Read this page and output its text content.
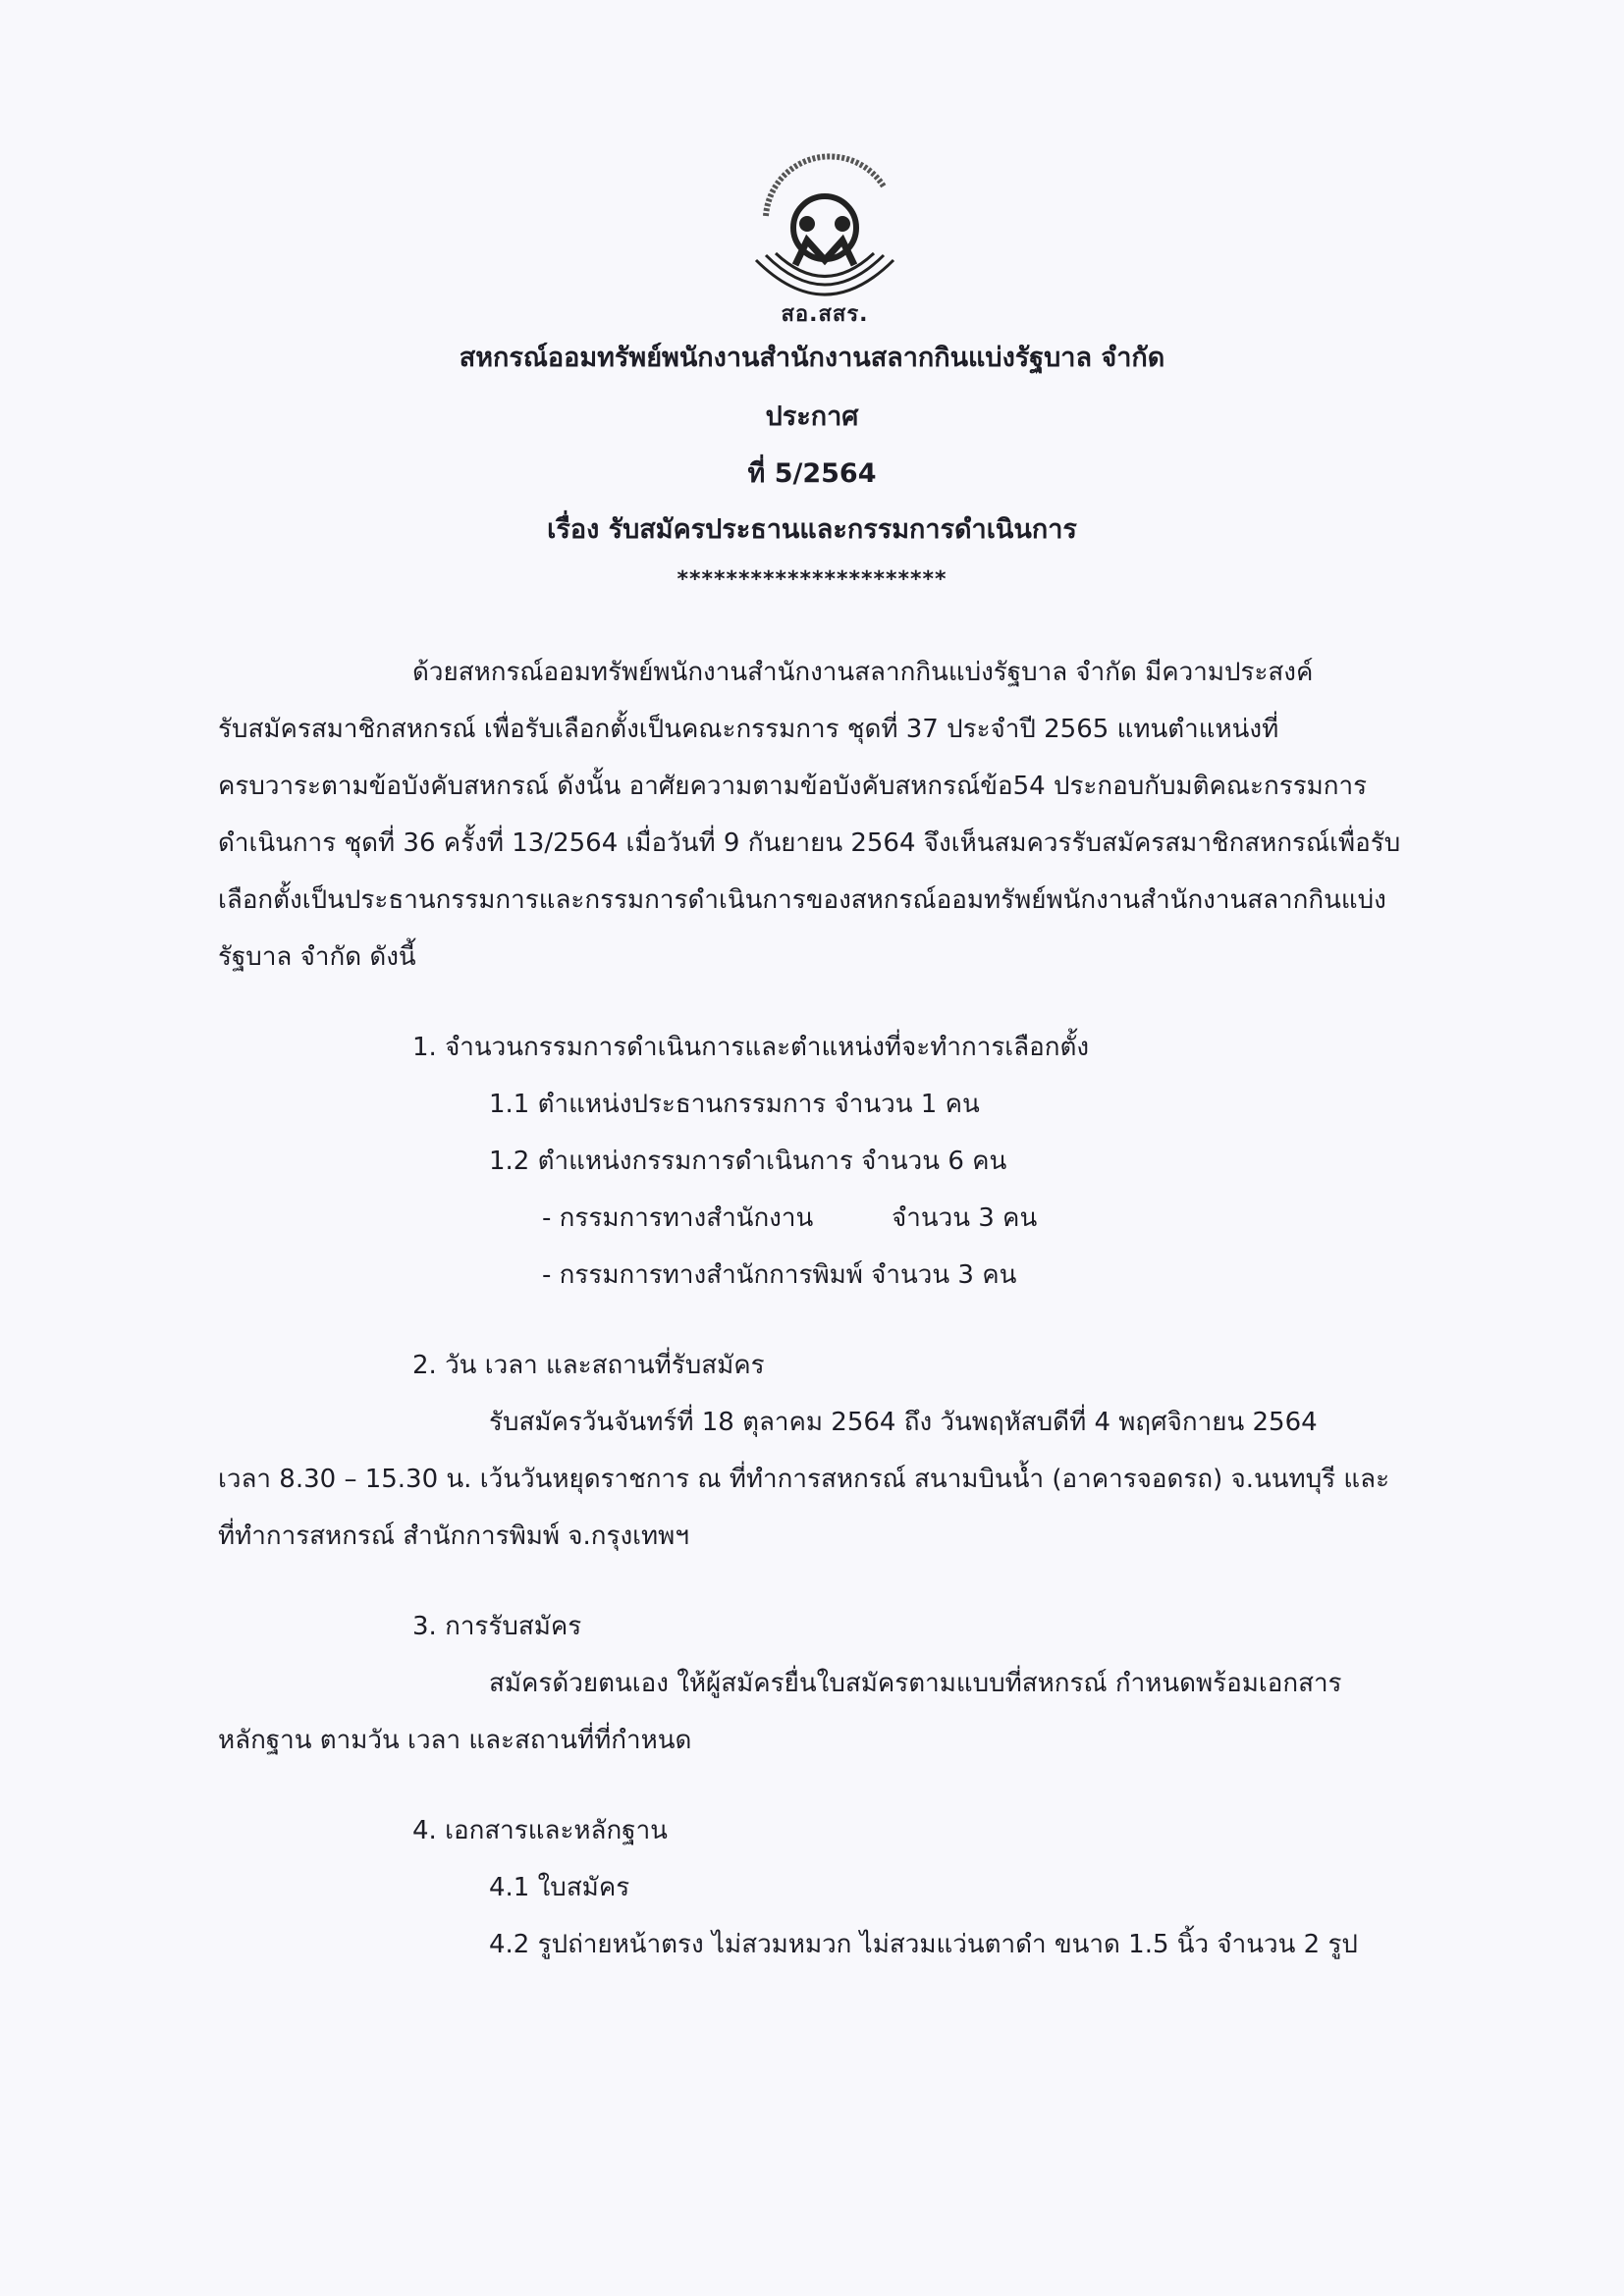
สอ.สสร.
สหกรณ์ออมทรัพย์พนักงานสำนักงานสลากกินแบ่งรัฐบาล จำกัด
ประกาศ
ที่ 5/2564
เรื่อง รับสมัครประธานและกรรมการดำเนินการ
**********************
ด้วยสหกรณ์ออมทรัพย์พนักงานสำนักงานสลากกินแบ่งรัฐบาล จำกัด มีความประสงค์
รับสมัครสมาชิกสหกรณ์ เพื่อรับเลือกตั้งเป็นคณะกรรมการ ชุดที่ 37 ประจำปี 2565 แทนตำแหน่งที่
ครบวาระตามข้อบังคับสหกรณ์ ดังนั้น อาศัยความตามข้อบังคับสหกรณ์ข้อ54 ประกอบกับมติคณะกรรมการ
ดำเนินการ ชุดที่ 36 ครั้งที่ 13/2564 เมื่อวันที่ 9 กันยายน 2564 จึงเห็นสมควรรับสมัครสมาชิกสหกรณ์เพื่อรับ
เลือกตั้งเป็นประธานกรรมการและกรรมการดำเนินการของสหกรณ์ออมทรัพย์พนักงานสำนักงานสลากกินแบ่ง
รัฐบาล จำกัด ดังนี้
1. จำนวนกรรมการดำเนินการและตำแหน่งที่จะทำการเลือกตั้ง
1.1 ตำแหน่งประธานกรรมการ จำนวน 1 คน
1.2 ตำแหน่งกรรมการดำเนินการ จำนวน 6 คน
- กรรมการทางสำนักงาน	จำนวน 3 คน
- กรรมการทางสำนักการพิมพ์ จำนวน 3 คน
2. วัน เวลา และสถานที่รับสมัคร
รับสมัครวันจันทร์ที่ 18 ตุลาคม 2564 ถึง วันพฤหัสบดีที่ 4 พฤศจิกายน 2564
เวลา 8.30 – 15.30 น. เว้นวันหยุดราชการ ณ ที่ทำการสหกรณ์ สนามบินน้ำ (อาคารจอดรถ) จ.นนทบุรี และ
ที่ทำการสหกรณ์ สำนักการพิมพ์ จ.กรุงเทพฯ
3. การรับสมัคร
สมัครด้วยตนเอง ให้ผู้สมัครยื่นใบสมัครตามแบบที่สหกรณ์ กำหนดพร้อมเอกสาร
หลักฐาน ตามวัน เวลา และสถานที่ที่กำหนด
4. เอกสารและหลักฐาน
4.1 ใบสมัคร
4.2 รูปถ่ายหน้าตรง ไม่สวมหมวก ไม่สวมแว่นตาดำ ขนาด 1.5 นิ้ว จำนวน 2 รูป
